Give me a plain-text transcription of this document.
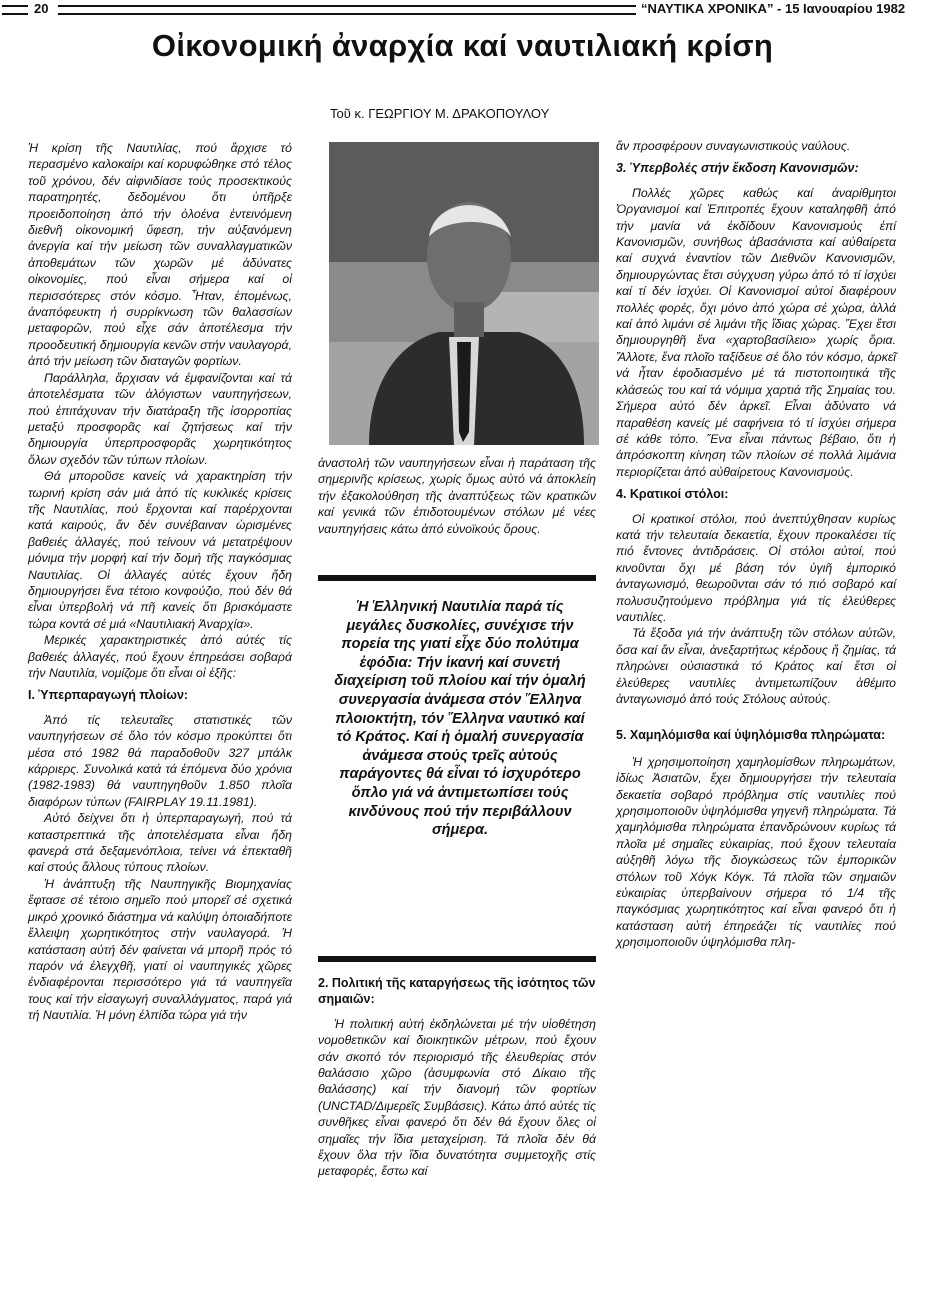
20	“ΝΑΥΤΙΚΑ ΧΡΟΝΙΚΑ” - 15 Ιανουαρίου 1982
Οἰκονομική ἀναρχία καί ναυτιλιακή κρίση
Τοῦ κ. ΓΕΩΡΓΙΟΥ Μ. ΔΡΑΚΟΠΟΥΛΟΥ

Ἡ κρίση τῆς Ναυτιλίας, πού ἄρχισε τό περασμένο καλοκαίρι καί κορυφώθηκε στό τέλος τοῦ χρόνου, δέν αἰφνιδίασε τούς προσεκτικούς παρατηρητές, δεδομένου ὅτι ὑπῆρξε προειδοποίηση ἀπό τήν ὁλοένα ἐντεινόμενη διεθνῆ οἰκονομική ὕφεση, τήν αὐξανόμενη ἀνεργία καί τήν μείωση τῶν συναλλαγματικῶν ἀποθεμάτων τῶν χωρῶν μέ ἀδύνατες οἰκονομίες, πού εἶναι σήμερα καί οἱ περισσότερες στόν κόσμο. Ἦταν, ἑπομένως, ἀναπόφευκτη ἡ συρρίκνωση τῶν θαλασσίων μεταφορῶν, πού εἶχε σάν ἀποτέλεσμα τήν προοδευτική δημιουργία κενῶν στήν ναυλαγορά, ἀπό τήν μείωση τῶν διαταγῶν φορτίων.

Παράλληλα, ἄρχισαν νά ἐμφανίζονται καί τά ἀποτελέσματα τῶν ἀλόγιστων ναυπηγήσεων, πού ἐπιτάχυναν τήν διατάραξη τῆς ἰσορροπίας μεταξύ προσφορᾶς καί ζητήσεως καί τήν δημιουργία ὑπερπροσφορᾶς χωρητικότητος ὅλων σχεδόν τῶν τύπων πλοίων.

Θά μποροῦσε κανείς νά χαρακτηρίση τήν τωρινή κρίση σάν μιά ἀπό τίς κυκλικές κρίσεις τῆς Ναυτιλίας, πού ἔρχονται καί παρέρχονται κατά καιρούς, ἄν δέν συνέβαιναν ὡρισμένες βαθειές ἀλλαγές, πού τείνουν νά μετατρέψουν μόνιμα τήν μορφή καί τήν δομή τῆς παγκόσμιας Ναυτιλίας. Οἱ ἀλλαγές αὐτές ἔχουν ἤδη δημιουργήσει ἕνα τέτοιο κονφούζιο, πού δέν θά εἶναι ὑπερβολή νά πῆ κανείς ὅτι βρισκόμαστε τώρα κοντά σέ μιά «Ναυτιλιακή Ἀναρχία».

Μερικές χαρακτηριστικές ἀπό αὐτές τίς βαθειές ἀλλαγές, πού ἔχουν ἐπηρεάσει σοβαρά τήν Ναυτιλία, νομίζομε ὅτι εἶναι οἱ ἑξῆς:

I. Ὑπερπαραγωγή πλοίων:

Ἀπό τίς τελευταῖες στατιστικές τῶν ναυπηγήσεων σέ ὅλο τόν κόσμο προκύπτει ὅτι μέσα στό 1982 θά παραδοθοῦν 327 μπάλκ κάρριερς. Συνολικά κατά τά ἑπόμενα δύο χρόνια (1982-1983) θά ναυπηγηθοῦν 1.850 πλοῖα διαφόρων τύπων (FAIRPLAY 19.11.1981).

Αὐτό δείχνει ὅτι ἡ ὑπερπαραγωγή, πού τά καταστρεπτικά τῆς ἀποτελέσματα εἶναι ἤδη φανερά στά δεξαμενόπλοια, τείνει νά ἐπεκταθῆ καί στούς ἄλλους τύπους πλοίων.

Ἡ ἀνάπτυξη τῆς Ναυπηγικῆς Βιομηχανίας ἔφτασε σέ τέτοιο σημεῖο πού μπορεῖ σέ σχετικά μικρό χρονικό διάστημα νά καλύψη ὁποιαδήποτε ἔλλειψη χωρητικότητος στήν ναυλαγορά. Ἡ κατάσταση αὐτή δέν φαίνεται νά μπορῆ πρός τό παρόν νά ἐλεγχθῆ, γιατί οἱ ναυπηγικές χῶρες ἐνδιαφέρονται περισσότερο γιά τά ναυπηγεῖα τους καί τήν εἰσαγωγή συναλλάγματος, παρά γιά τή Ναυτιλία. Ἡ μόνη ἐλπίδα τώρα γιά τήν

ἀναστολή τῶν ναυπηγήσεων εἶναι ἡ παράταση τῆς σημερινῆς κρίσεως, χωρίς ὅμως αὐτό νά ἀποκλείη τήν ἐξακολούθηση τῆς ἀναπτύξεως τῶν κρατικῶν καί γενικά τῶν ἐπιδοτουμένων στόλων μέ νέες ναυπηγήσεις κάτω ἀπό εὐνοϊκούς ὅρους.

Ἡ Ἑλληνική Ναυτιλία παρά τίς μεγάλες δυσκολίες, συνέχισε τήν πορεία της γιατί εἶχε δύο πολύτιμα ἐφόδια: Τήν ἱκανή καί συνετή διαχείριση τοῦ πλοίου καί τήν ὁμαλή συνεργασία ἀνάμεσα στόν Ἕλληνα πλοιοκτήτη, τόν Ἕλληνα ναυτικό καί τό Κράτος. Καί ἡ ὁμαλή συνεργασία ἀνάμεσα στούς τρεῖς αὐτούς παράγοντες θά εἶναι τό ἰσχυρότερο ὅπλο γιά νά ἀντιμετωπίσει τούς κινδύνους πού τήν περιβάλλουν σήμερα.

2. Πολιτική τῆς καταργήσεως τῆς ἰσότητος τῶν σημαιῶν:

Ἡ πολιτική αὐτή ἐκδηλώνεται μέ τήν υἱοθέτηση νομοθετικῶν καί διοικητικῶν μέτρων, πού ἔχουν σάν σκοπό τόν περιορισμό τῆς ἐλευθερίας στόν θαλάσσιο χῶρο (ἀσυμφωνία στό Δίκαιο τῆς θαλάσσης) καί τήν διανομή τῶν φορτίων (UNCTAD/Διμερεῖς Συμβάσεις). Κάτω ἀπό αὐτές τίς συνθῆκες εἶναι φανερό ὅτι δέν θά ἔχουν ὅλες οἱ σημαῖες τήν ἴδια μεταχείριση. Τά πλοῖα δέν θά ἔχουν ὅλα τήν ἴδια δυνατότητα συμμετοχῆς στίς μεταφορές, ἔστω καί

ἄν προσφέρουν συναγωνιστικούς ναύλους.

3. Ὑπερβολές στήν ἔκδοση Κανονισμῶν:

Πολλές χῶρες καθώς καί ἀναρίθμητοι Ὀργανισμοί καί Ἐπιτροπές ἔχουν καταληφθῆ ἀπό τήν μανία νά ἐκδίδουν Κανονισμούς ἐπί Κανονισμῶν, συνήθως ἀβασάνιστα καί αὐθαίρετα καί συχνά ἐναντίον τῶν Διεθνῶν Κανονισμῶν, δημιουργώντας ἔτσι σύγχυση γύρω ἀπό τό τί ἰσχύει καί τί δέν ἰσχύει. Οἱ Κανονισμοί αὐτοί διαφέρουν πολλές φορές, ὄχι μόνο ἀπό χώρα σέ χώρα, ἀλλά καί ἀπό λιμάνι σέ λιμάνι τῆς ἴδιας χώρας. Ἔχει ἔτσι δημιουργηθῆ ἕνα «χαρτοβασίλειο» χωρίς ὅρια. Ἄλλοτε, ἕνα πλοῖο ταξίδευε σέ ὅλο τόν κόσμο, ἀρκεῖ νά ἦταν ἐφοδιασμένο μέ τά πιστοποιητικά τῆς κλάσεώς του καί τά νόμιμα χαρτιά τῆς Σημαίας του. Σήμερα αὐτό δέν ἀρκεῖ. Εἶναι ἀδύνατο νά παραθέση κανείς μέ σαφήνεια τό τί ἰσχύει σήμερα σέ κάθε τόπο. Ἕνα εἶναι πάντως βέβαιο, ὅτι ἡ ἀπρόσκοπτη κίνηση τῶν πλοίων σέ πολλά λιμάνια περιορίζεται ἀπό αὐθαίρετους Κανονισμούς.

4. Κρατικοί στόλοι:

Οἱ κρατικοί στόλοι, πού ἀνεπτύχθησαν κυρίως κατά τήν τελευταία δεκαετία, ἔχουν προκαλέσει τίς πιό ἔντονες ἀντιδράσεις. Οἱ στόλοι αὐτοί, πού κινοῦνται ὄχι μέ βάση τόν ὑγιῆ ἐμπορικό ἀνταγωνισμό, θεωροῦνται σάν τό πιό σοβαρό καί πολυσυζητούμενο πρόβλημα γιά τίς ἐλεύθερες ναυτιλίες.

Τά ἔξοδα γιά τήν ἀνάπτυξη τῶν στόλων αὐτῶν, ὅσα καί ἄν εἶναι, ἀνεξαρτήτως κέρδους ἤ ζημίας, τά πληρώνει οὐσιαστικά τό Κράτος καί ἔτσι οἱ ἐλεύθερες ναυτιλίες ἀντιμετωπίζουν ἀθέμιτο ἀνταγωνισμό ἀπό τούς Στόλους αὐτούς.

5. Χαμηλόμισθα καί ὑψηλόμισθα πληρώματα:

Ἡ χρησιμοποίηση χαμηλομίσθων πληρωμάτων, ἰδίως Ἀσιατῶν, ἔχει δημιουργήσει τήν τελευταία δεκαετία σοβαρό πρόβλημα στίς ναυτιλίες πού χρησιμοποιοῦν ὑψηλόμισθα γηγενῆ πληρώματα. Τά χαμηλόμισθα πληρώματα ἐπανδρώνουν κυρίως τά πλοῖα μέ σημαῖες εὐκαιρίας, πού ἔχουν τελευταία αὐξηθῆ λόγω τῆς διογκώσεως τῶν ἐμπορικῶν στόλων τοῦ Χόγκ Κόγκ. Τά πλοῖα τῶν σημαιῶν εὐκαιρίας ὑπερβαίνουν σήμερα τό 1/4 τῆς παγκόσμιας χωρητικότητος καί εἶναι φανερό ὅτι ἡ κατάσταση αὐτή ἐπηρεάζει τίς ναυτιλίες πού χρησιμοποιοῦν ὑψηλόμισθα πλη-
